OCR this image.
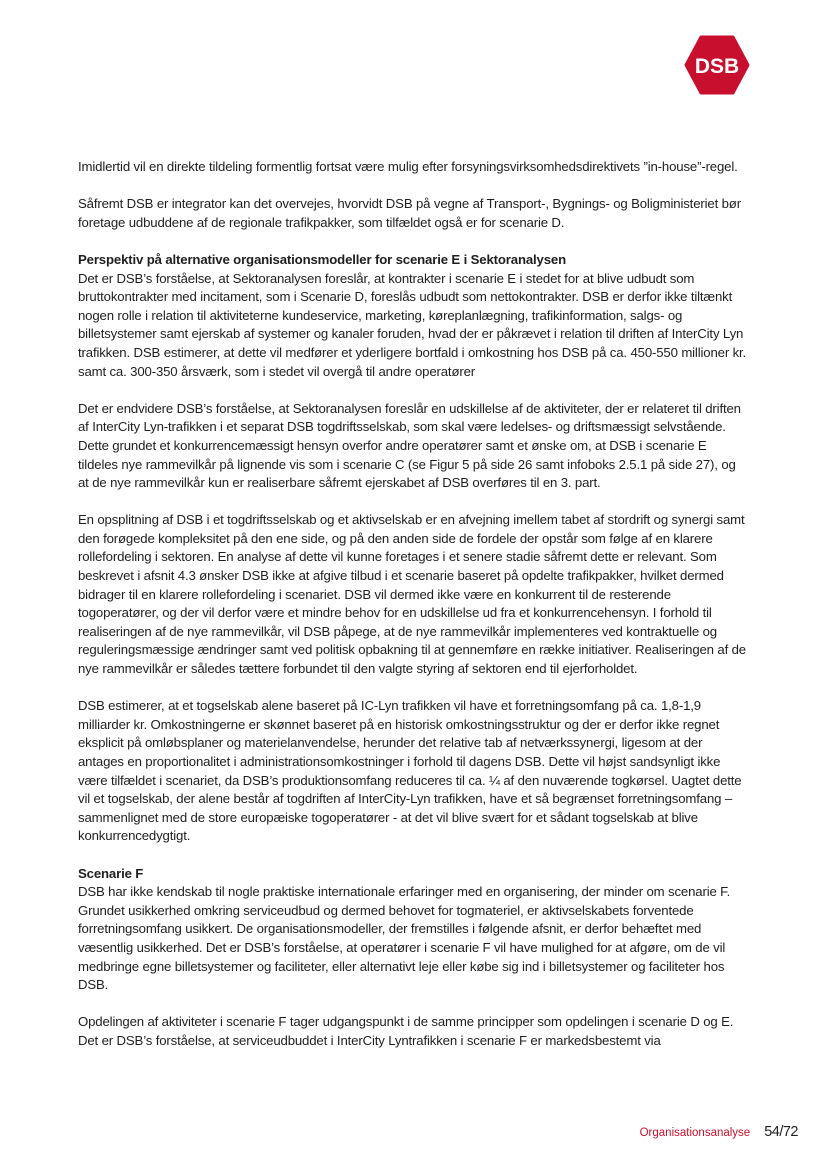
DSB

Imidlertid vil en direkte tildeling formentlig fortsat være mulig efter forsyningsvirksomhedsdirektivets ”in-house”-regel.

Såfremt DSB er integrator kan det overvejes, hvorvidt DSB på vegne af Transport-, Bygnings- og Boligministeriet bør foretage udbuddene af de regionale trafikpakker, som tilfældet også er for scenarie D.

Perspektiv på alternative organisationsmodeller for scenarie E i Sektoranalysen

Det er DSB’s forståelse, at Sektoranalysen foreslår, at kontrakter i scenarie E i stedet for at blive udbudt som bruttokontrakter med incitament, som i Scenarie D, foreslås udbudt som nettokontrakter. DSB er derfor ikke tiltænkt nogen rolle i relation til aktiviteterne kundeservice, marketing, køreplanlægning, trafikinformation, salgs- og billetsystemer samt ejerskab af systemer og kanaler foruden, hvad der er påkrævet i relation til driften af InterCity Lyn trafikken. DSB estimerer, at dette vil medfører et yderligere bortfald i omkostning hos DSB på ca. 450-550 millioner kr. samt ca. 300-350 årsværk, som i stedet vil overgå til andre operatører

Det er endvidere DSB’s forståelse, at Sektoranalysen foreslår en udskillelse af de aktiviteter, der er relateret til driften af InterCity Lyn-trafikken i et separat DSB togdriftsselskab, som skal være ledelses- og driftsmæssigt selvstående. Dette grundet et konkurrencemæssigt hensyn overfor andre operatører samt et ønske om, at DSB i scenarie E tildeles nye rammevilkår på lignende vis som i scenarie C (se Figur 5 på side 26 samt infoboks 2.5.1 på side 27), og at de nye rammevilkår kun er realiserbare såfremt ejerskabet af DSB overføres til en 3. part.

En opsplitning af DSB i et togdriftsselskab og et aktivselskab er en afvejning imellem tabet af stordrift og synergi samt den forøgede kompleksitet på den ene side, og på den anden side de fordele der opstår som følge af en klarere rollefordeling i sektoren. En analyse af dette vil kunne foretages i et senere stadie såfremt dette er relevant. Som beskrevet i afsnit 4.3 ønsker DSB ikke at afgive tilbud i et scenarie baseret på opdelte trafikpakker, hvilket dermed bidrager til en klarere rollefordeling i scenariet. DSB vil dermed ikke være en konkurrent til de resterende togoperatører, og der vil derfor være et mindre behov for en udskillelse ud fra et konkurrencehensyn. I forhold til realiseringen af de nye rammevilkår, vil DSB påpege, at de nye rammevilkår implementeres ved kontraktuelle og reguleringsmæssige ændringer samt ved politisk opbakning til at gennemføre en række initiativer. Realiseringen af de nye rammevilkår er således tættere forbundet til den valgte styring af sektoren end til ejerforholdet.

DSB estimerer, at et togselskab alene baseret på IC-Lyn trafikken vil have et forretningsomfang på ca. 1,8-1,9 milliarder kr. Omkostningerne er skønnet baseret på en historisk omkostningsstruktur og der er derfor ikke regnet eksplicit på omløbsplaner og materielanvendelse, herunder det relative tab af netværkssynergi, ligesom at der antages en proportionalitet i administrationsomkostninger i forhold til dagens DSB. Dette vil højst sandsynligt ikke være tilfældet i scenariet, da DSB’s produktionsomfang reduceres til ca. ¼ af den nuværende togkørsel. Uagtet dette vil et togselskab, der alene består af togdriften af InterCity-Lyn trafikken, have et så begrænset forretningsomfang – sammenlignet med de store europæiske togoperatører - at det vil blive svært for et sådant togselskab at blive konkurrencedygtigt.

Scenarie F

DSB har ikke kendskab til nogle praktiske internationale erfaringer med en organisering, der minder om scenarie F. Grundet usikkerhed omkring serviceudbud og dermed behovet for togmateriel, er aktivselskabets forventede forretningsomfang usikkert. De organisationsmodeller, der fremstilles i følgende afsnit, er derfor behæftet med væsentlig usikkerhed. Det er DSB’s forståelse, at operatører i scenarie F vil have mulighed for at afgøre, om de vil medbringe egne billetsystemer og faciliteter, eller alternativt leje eller købe sig ind i billetsystemer og faciliteter hos DSB.

Opdelingen af aktiviteter i scenarie F tager udgangspunkt i de samme principper som opdelingen i scenarie D og E. Det er DSB’s forståelse, at serviceudbuddet i InterCity Lyntrafikken i scenarie F er markedsbestemt via

Organisationsanalyse 54/72
